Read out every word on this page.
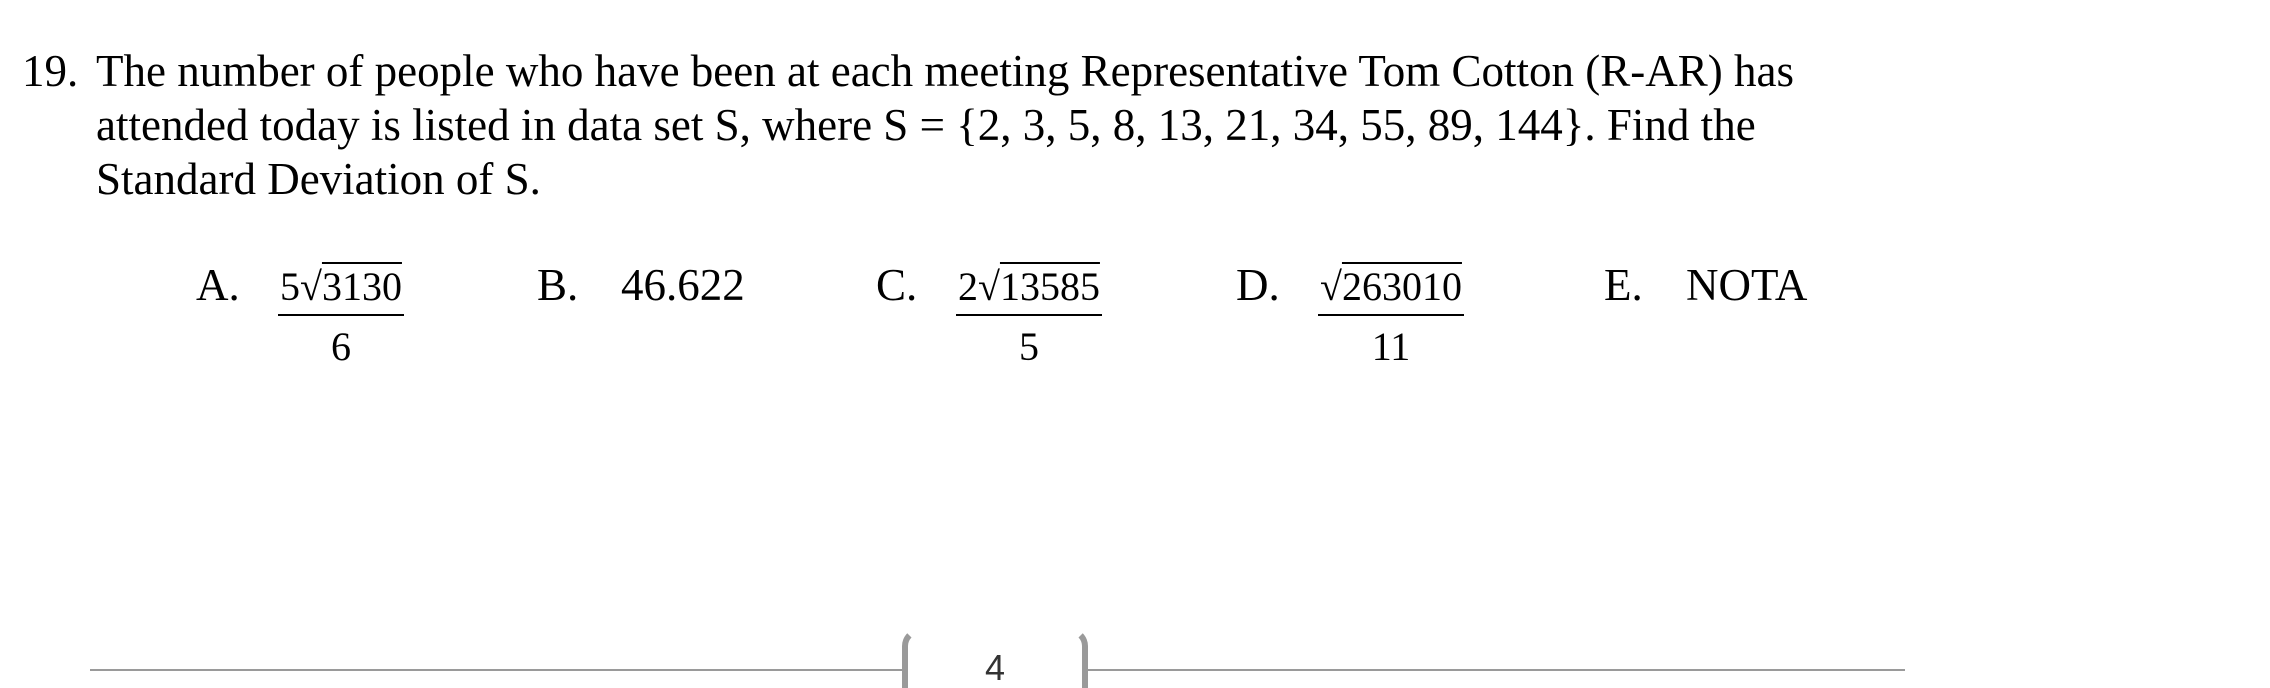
19. The number of people who have been at each meeting Representative Tom Cotton (R-AR) has
attended today is listed in data set S, where S = {2, 3, 5, 8, 13, 21, 34, 55, 89, 144}. Find the
Standard Deviation of S.
A. $\frac{5√3130}{6}$	B. 46.622	C. $\frac{2√13585}{5}$	D. $\frac{√263010}{11}$	E. NOTA
4
